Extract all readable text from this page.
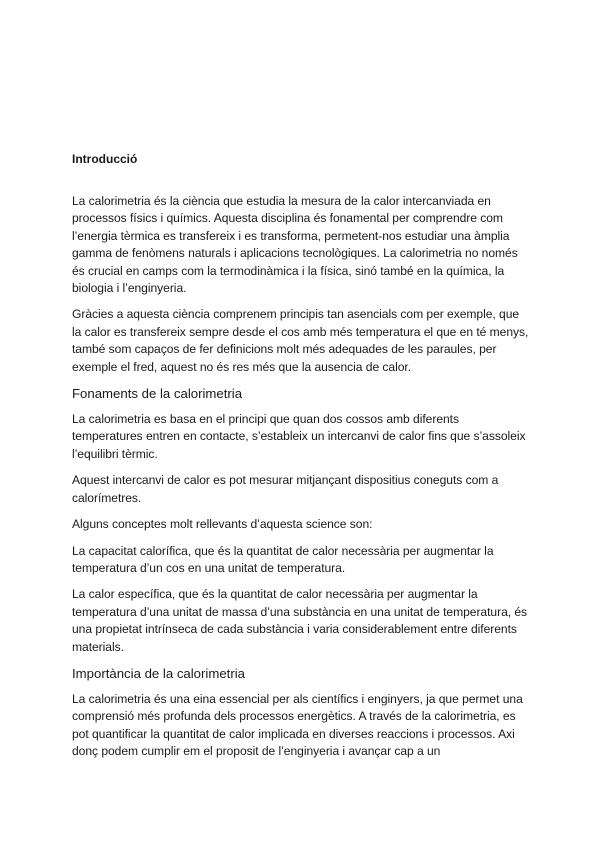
Introducció

La calorimetria és la ciència que estudia la mesura de la calor intercanviada en processos físics i químics. Aquesta disciplina és fonamental per comprendre com l’energia tèrmica es transfereix i es transforma, permetent-nos estudiar una àmplia gamma de fenòmens naturals i aplicacions tecnològiques. La calorimetria no només és crucial en camps com la termodinàmica i la física, sinó també en la química, la biologia i l’enginyeria.

Gràcies a aquesta ciència comprenem principis tan asencials com per exemple, que la calor es transfereix sempre desde el cos amb més temperatura el que en té menys, també som capaços de fer definicions molt més adequades de les paraules, per exemple el fred, aquest no és res més que la ausencia de calor.

Fonaments de la calorimetria

La calorimetria es basa en el principi que quan dos cossos amb diferents temperatures entren en contacte, s’estableix un intercanvi de calor fins que s’assoleix l’equilibri tèrmic.

Aquest intercanvi de calor es pot mesurar mitjançant dispositius coneguts com a calorímetres.

Alguns conceptes molt rellevants d’aquesta science son:

La capacitat calorífica, que és la quantitat de calor necessària per augmentar la temperatura d’un cos en una unitat de temperatura.

La calor específica, que és la quantitat de calor necessària per augmentar la temperatura d’una unitat de massa d’una substància en una unitat de temperatura, és una propietat intrínseca de cada substància i varia considerablement entre diferents materials.

Importància de la calorimetria

La calorimetria és una eina essencial per als científics i enginyers, ja que permet una comprensió més profunda dels processos energètics. A través de la calorimetria, es pot quantificar la quantitat de calor implicada en diverses reaccions i processos. Axi donç podem cumplir em el proposit de l’enginyeria i avançar cap a un
